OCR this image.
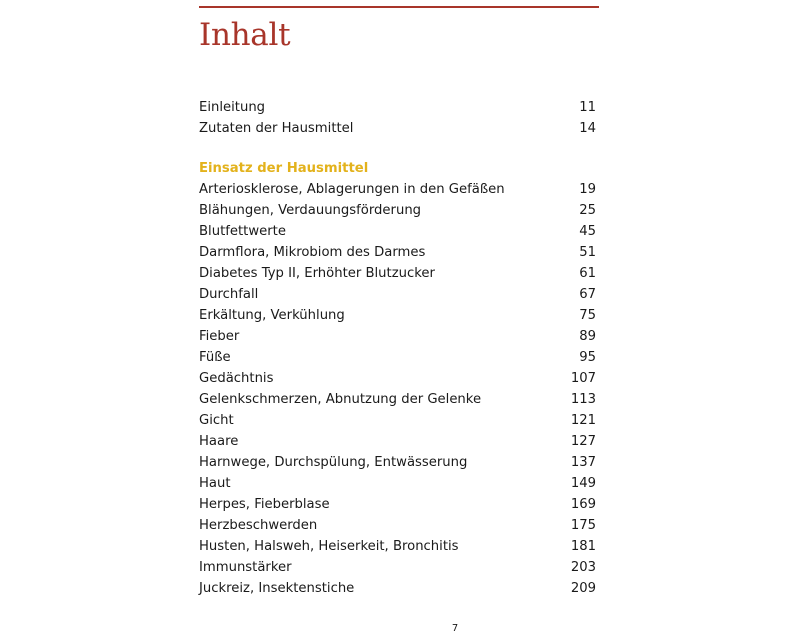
Inhalt
Einleitung	11
Zutaten der Hausmittel	14
Einsatz der Hausmittel
Arteriosklerose, Ablagerungen in den Gefäßen	19
Blähungen, Verdauungsförderung	25
Blutfettwerte	45
Darmflora, Mikrobiom des Darmes	51
Diabetes Typ II, Erhöhter Blutzucker	61
Durchfall	67
Erkältung, Verkühlung	75
Fieber	89
Füße	95
Gedächtnis	107
Gelenkschmerzen, Abnutzung der Gelenke	113
Gicht	121
Haare	127
Harnwege, Durchspülung, Entwässerung	137
Haut	149
Herpes, Fieberblase	169
Herzbeschwerden	175
Husten, Halsweh, Heiserkeit, Bronchitis	181
Immunstärker	203
Juckreiz, Insektenstiche	209
7
